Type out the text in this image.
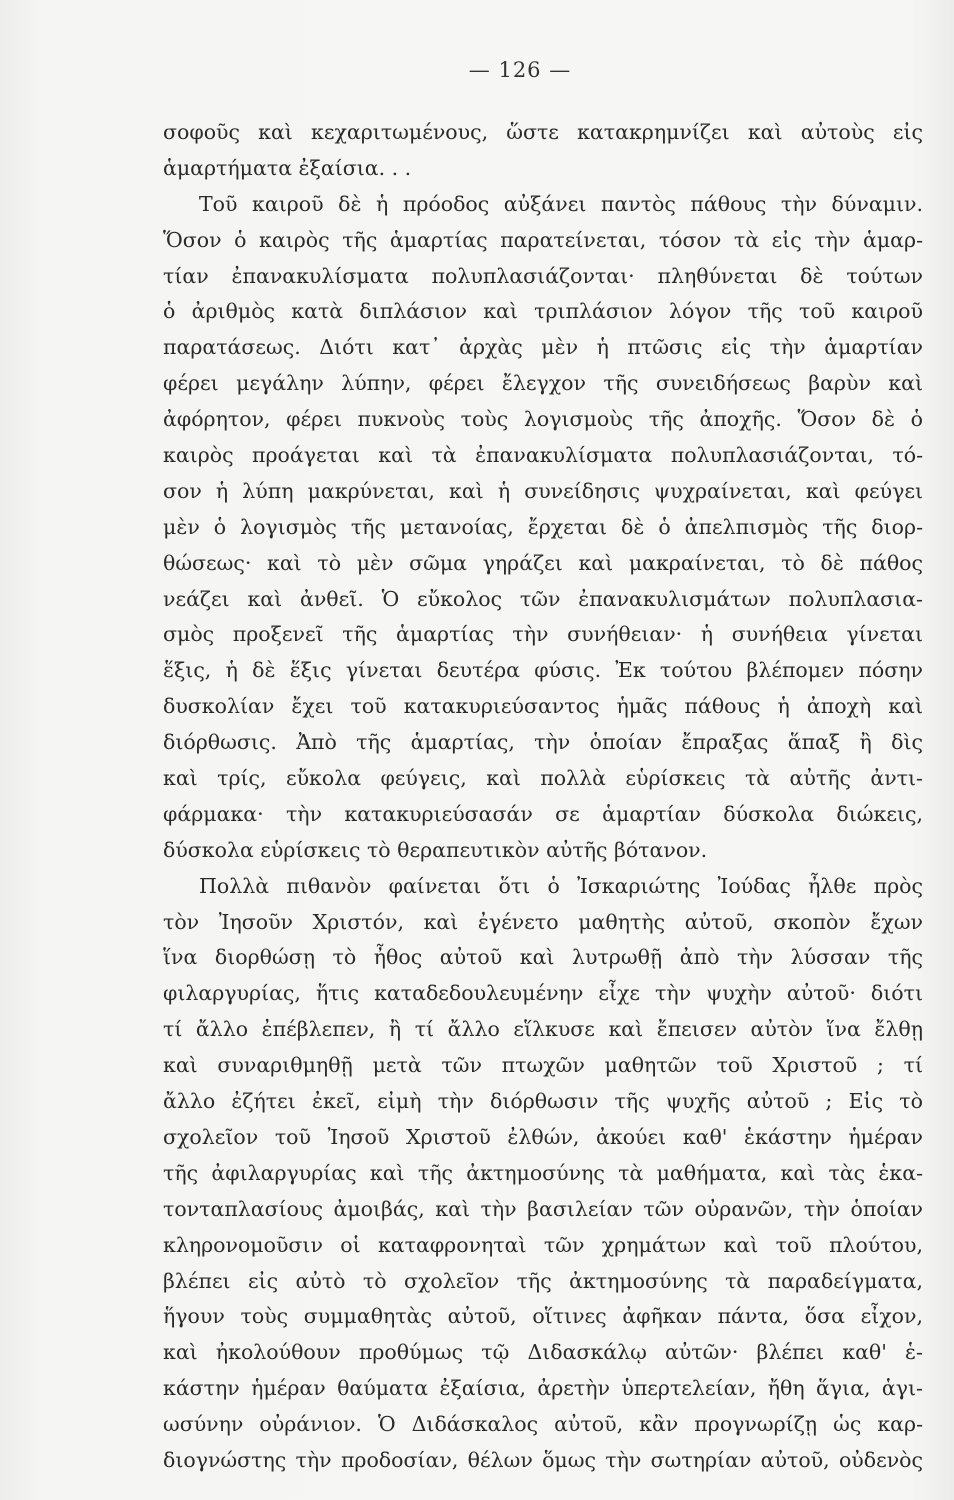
— 126 —
σοφοῦς καὶ κεχαριτωμένους, ὥστε κατακρημνίζει καὶ αὐτοὺς εἰς
ἁμαρτήματα ἐξαίσια. . .
Τοῦ καιροῦ δὲ ἡ πρόοδος αὐξάνει παντὸς πάθους τὴν δύναμιν.
Ὅσον ὁ καιρὸς τῆς ἁμαρτίας παρατείνεται, τόσον τὰ εἰς τὴν ἁμαρ-
τίαν ἐπανακυλίσματα πολυπλασιάζονται· πληθύνεται δὲ τούτων
ὁ ἀριθμὸς κατὰ διπλάσιον καὶ τριπλάσιον λόγον τῆς τοῦ καιροῦ
παρατάσεως. Διότι κατ᾽ ἀρχὰς μὲν ἡ πτῶσις εἰς τὴν ἁμαρτίαν
φέρει μεγάλην λύπην, φέρει ἔλεγχον τῆς συνειδήσεως βαρὺν καὶ
ἀφόρητον, φέρει πυκνοὺς τοὺς λογισμοὺς τῆς ἀποχῆς. Ὅσον δὲ ὁ
καιρὸς προάγεται καὶ τὰ ἐπανακυλίσματα πολυπλασιάζονται, τό-
σον ἡ λύπη μακρύνεται, καὶ ἡ συνείδησις ψυχραίνεται, καὶ φεύγει
μὲν ὁ λογισμὸς τῆς μετανοίας, ἔρχεται δὲ ὁ ἀπελπισμὸς τῆς διορ-
θώσεως· καὶ τὸ μὲν σῶμα γηράζει καὶ μακραίνεται, τὸ δὲ πάθος
νεάζει καὶ ἀνθεῖ. Ὁ εὔκολος τῶν ἐπανακυλισμάτων πολυπλασια-
σμὸς προξενεῖ τῆς ἁμαρτίας τὴν συνήθειαν· ἡ συνήθεια γίνεται
ἕξις, ἡ δὲ ἕξις γίνεται δευτέρα φύσις. Ἐκ τούτου βλέπομεν πόσην
δυσκολίαν ἔχει τοῦ κατακυριεύσαντος ἡμᾶς πάθους ἡ ἀποχὴ καὶ
διόρθωσις. Ἀπὸ τῆς ἁμαρτίας, τὴν ὁποίαν ἔπραξας ἅπαξ ἢ δὶς
καὶ τρίς, εὔκολα φεύγεις, καὶ πολλὰ εὑρίσκεις τὰ αὐτῆς ἀντι-
φάρμακα· τὴν κατακυριεύσασάν σε ἁμαρτίαν δύσκολα διώκεις,
δύσκολα εὑρίσκεις τὸ θεραπευτικὸν αὐτῆς βότανον.
Πολλὰ πιθανὸν φαίνεται ὅτι ὁ Ἰσκαριώτης Ἰούδας ἦλθε πρὸς
τὸν Ἰησοῦν Χριστόν, καὶ ἐγένετο μαθητὴς αὐτοῦ, σκοπὸν ἔχων
ἵνα διορθώσῃ τὸ ἦθος αὐτοῦ καὶ λυτρωθῇ ἀπὸ τὴν λύσσαν τῆς
φιλαργυρίας, ἥτις καταδεδουλευμένην εἶχε τὴν ψυχὴν αὐτοῦ· διότι
τί ἄλλο ἐπέβλεπεν, ἢ τί ἄλλο εἵλκυσε καὶ ἔπεισεν αὐτὸν ἵνα ἔλθῃ
καὶ συναριθμηθῇ μετὰ τῶν πτωχῶν μαθητῶν τοῦ Χριστοῦ ; τί
ἄλλο ἐζήτει ἐκεῖ, εἰμὴ τὴν διόρθωσιν τῆς ψυχῆς αὐτοῦ ; Εἰς τὸ
σχολεῖον τοῦ Ἰησοῦ Χριστοῦ ἐλθών, ἀκούει καθ' ἑκάστην ἡμέραν
τῆς ἀφιλαργυρίας καὶ τῆς ἀκτημοσύνης τὰ μαθήματα, καὶ τὰς ἑκα-
τονταπλασίους ἀμοιβάς, καὶ τὴν βασιλείαν τῶν οὐρανῶν, τὴν ὁποίαν
κληρονομοῦσιν οἱ καταφρονηταὶ τῶν χρημάτων καὶ τοῦ πλούτου,
βλέπει εἰς αὐτὸ τὸ σχολεῖον τῆς ἀκτημοσύνης τὰ παραδείγματα,
ἥγουν τοὺς συμμαθητὰς αὐτοῦ, οἵτινες ἀφῆκαν πάντα, ὅσα εἶχον,
καὶ ἠκολούθουν προθύμως τῷ Διδασκάλῳ αὐτῶν· βλέπει καθ' ἑ-
κάστην ἡμέραν θαύματα ἐξαίσια, ἀρετὴν ὑπερτελείαν, ἤθη ἅγια, ἁγι-
ωσύνην οὐράνιον. Ὁ Διδάσκαλος αὐτοῦ, κἂν προγνωρίζῃ ὡς καρ-
διογνώστης τὴν προδοσίαν, θέλων ὅμως τὴν σωτηρίαν αὐτοῦ, οὐδενὸς
